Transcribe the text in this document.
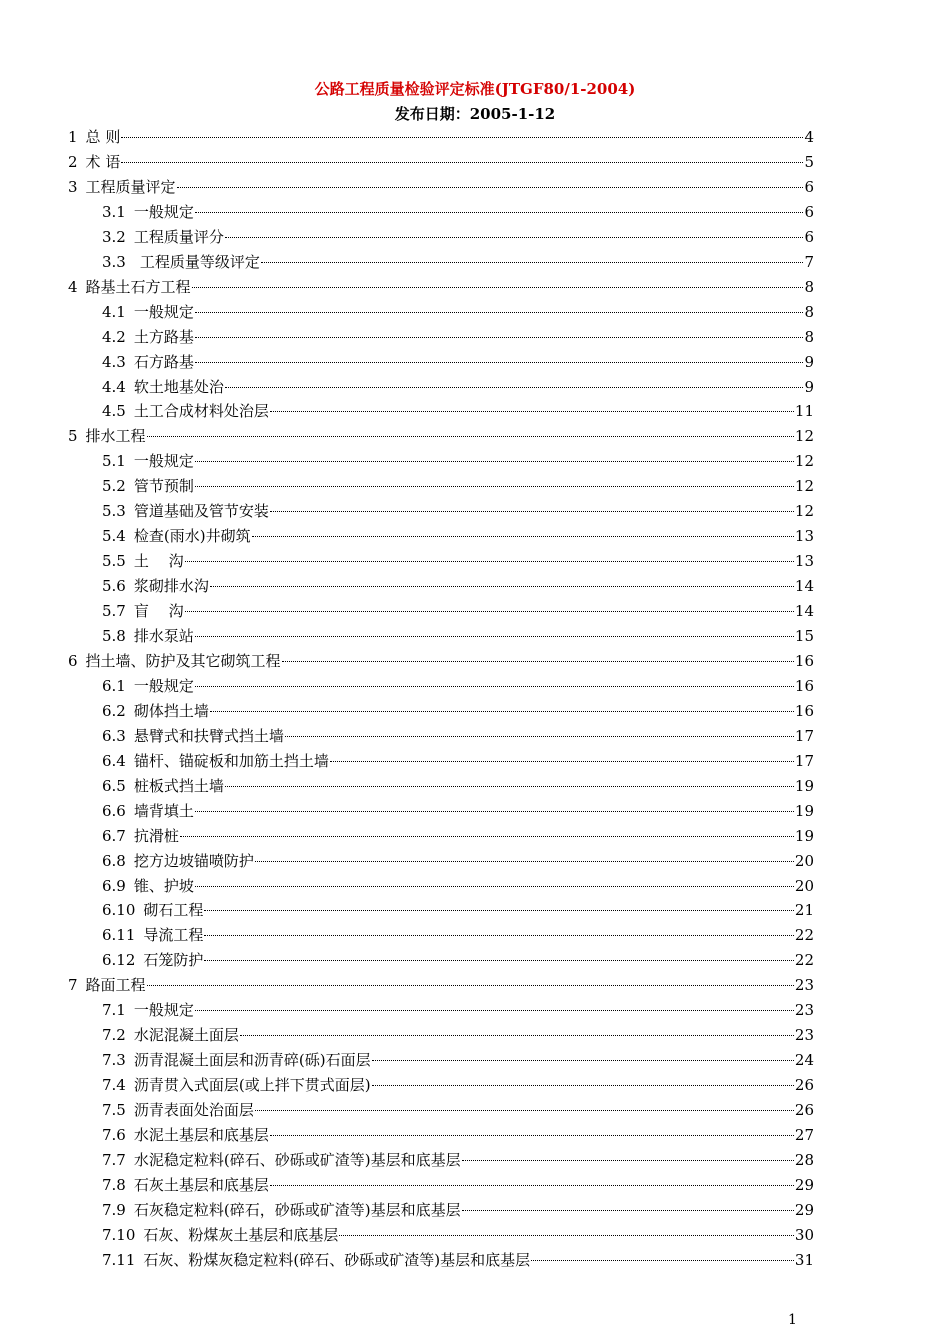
公路工程质量检验评定标准(JTGF80/1-2004)
发布日期：2005-1-12
1 总 则	4
2 术 语	5
3 工程质量评定	6
3.1 一般规定	6
3.2 工程质量评分	6
3.3 工程质量等级评定	7
4 路基土石方工程	8
4.1 一般规定	8
4.2 土方路基	8
4.3 石方路基	9
4.4 软土地基处治	9
4.5 土工合成材料处治层	11
5 排水工程	12
5.1 一般规定	12
5.2 管节预制	12
5.3 管道基础及管节安装	12
5.4 检查(雨水)井砌筑	13
5.5 土　 沟	13
5.6 浆砌排水沟	14
5.7 盲　 沟	14
5.8 排水泵站	15
6 挡土墙、防护及其它砌筑工程	16
6.1 一般规定	16
6.2 砌体挡土墙	16
6.3 悬臂式和扶臂式挡土墙	17
6.4 锚杆、锚碇板和加筋土挡土墙	17
6.5 桩板式挡土墙	19
6.6 墙背填土	19
6.7 抗滑桩	19
6.8 挖方边坡锚喷防护	20
6.9 锥、护坡	20
6.10 砌石工程	21
6.11 导流工程	22
6.12 石笼防护	22
7 路面工程	23
7.1 一般规定	23
7.2 水泥混凝土面层	23
7.3 沥青混凝土面层和沥青碎(砾)石面层	24
7.4 沥青贯入式面层(或上拌下贯式面层)	26
7.5 沥青表面处治面层	26
7.6 水泥土基层和底基层	27
7.7 水泥稳定粒料(碎石、砂砾或矿渣等)基层和底基层	28
7.8 石灰土基层和底基层	29
7.9 石灰稳定粒料(碎石，砂砾或矿渣等)基层和底基层	29
7.10 石灰、粉煤灰土基层和底基层	30
7.11 石灰、粉煤灰稳定粒料(碎石、砂砾或矿渣等)基层和底基层	31
1
